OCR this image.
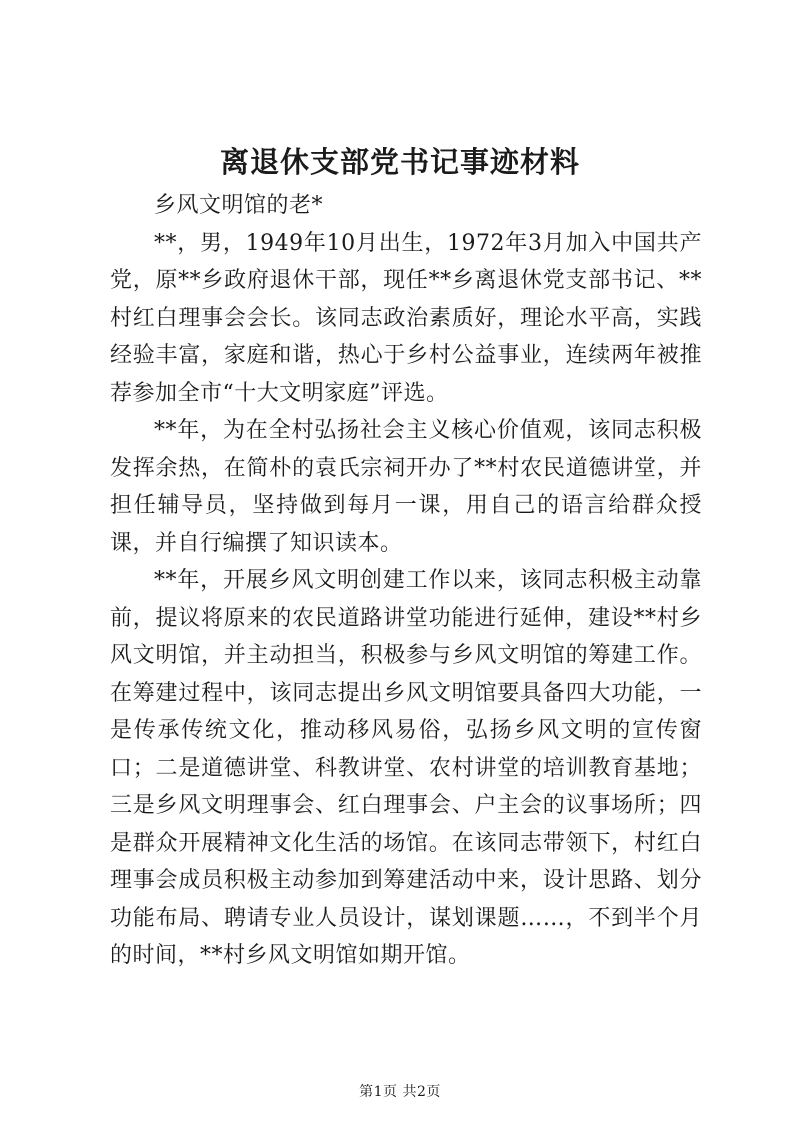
离退休支部党书记事迹材料

乡风文明馆的老*

**，男，1949年10月出生，1972年3月加入中国共产党，原**乡政府退休干部，现任**乡离退休党支部书记、**村红白理事会会长。该同志政治素质好，理论水平高，实践经验丰富，家庭和谐，热心于乡村公益事业，连续两年被推荐参加全市“十大文明家庭”评选。

**年，为在全村弘扬社会主义核心价值观，该同志积极发挥余热，在简朴的袁氏宗祠开办了**村农民道德讲堂，并担任辅导员，坚持做到每月一课，用自己的语言给群众授课，并自行编撰了知识读本。

**年，开展乡风文明创建工作以来，该同志积极主动靠前，提议将原来的农民道路讲堂功能进行延伸，建设**村乡风文明馆，并主动担当，积极参与乡风文明馆的筹建工作。在筹建过程中，该同志提出乡风文明馆要具备四大功能，一是传承传统文化，推动移风易俗，弘扬乡风文明的宣传窗口；二是道德讲堂、科教讲堂、农村讲堂的培训教育基地；三是乡风文明理事会、红白理事会、户主会的议事场所；四是群众开展精神文化生活的场馆。在该同志带领下，村红白理事会成员积极主动参加到筹建活动中来，设计思路、划分功能布局、聘请专业人员设计，谋划课题……，不到半个月的时间，**村乡风文明馆如期开馆。

第1页 共2页
